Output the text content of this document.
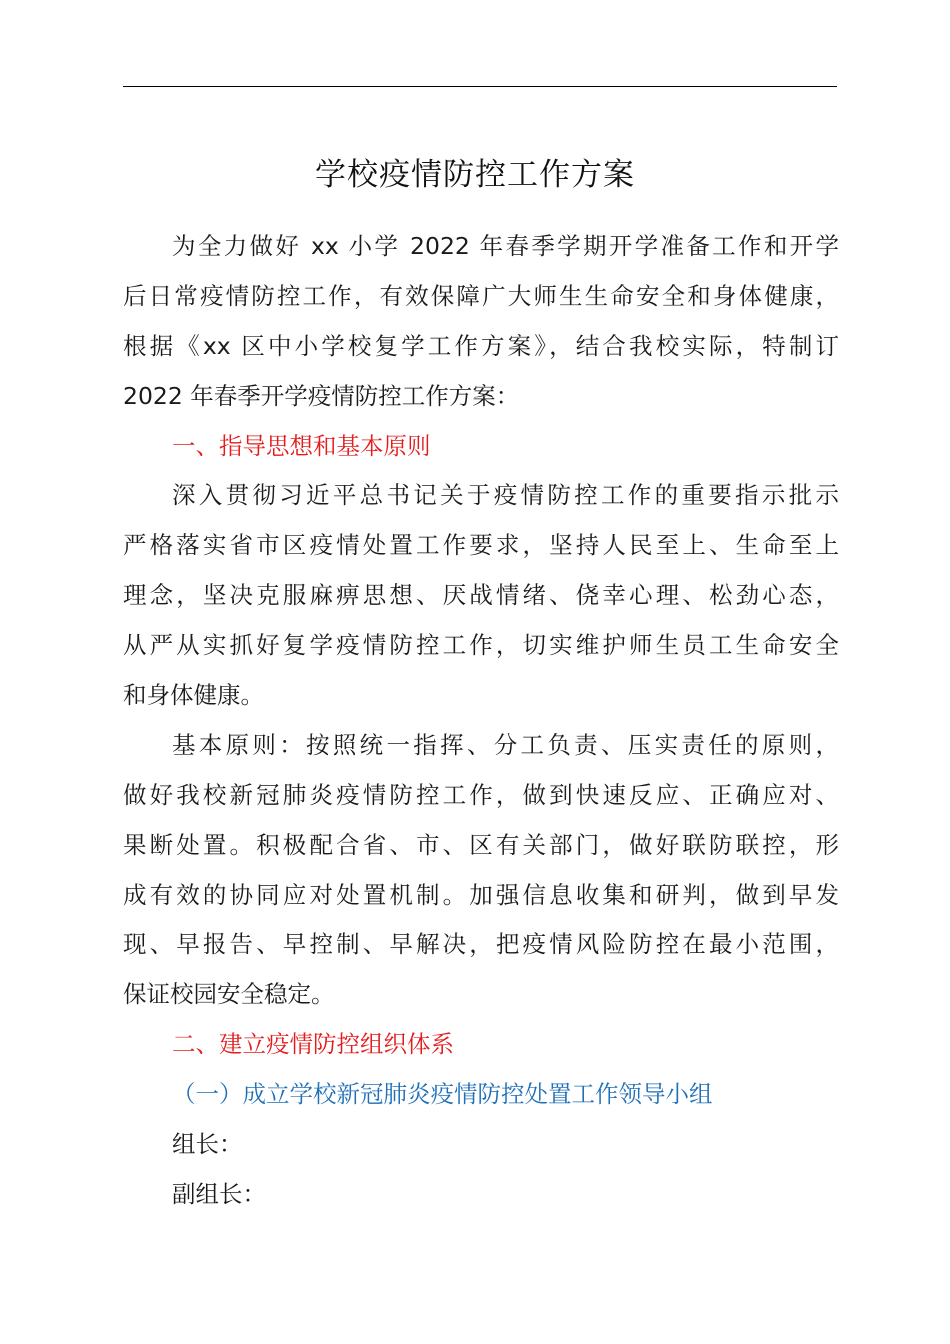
学校疫情防控工作方案
为全力做好 xx 小学 2022 年春季学期开学准备工作和开学
后日常疫情防控工作，有效保障广大师生生命安全和身体健康，
根据《xx 区中小学校复学工作方案》，结合我校实际，特制订
2022 年春季开学疫情防控工作方案：
一、指导思想和基本原则
深入贯彻习近平总书记关于疫情防控工作的重要指示批示
严格落实省市区疫情处置工作要求，坚持人民至上、生命至上
理念，坚决克服麻痹思想、厌战情绪、侥幸心理、松劲心态，
从严从实抓好复学疫情防控工作，切实维护师生员工生命安全
和身体健康。
基本原则：按照统一指挥、分工负责、压实责任的原则，
做好我校新冠肺炎疫情防控工作，做到快速反应、正确应对、
果断处置。积极配合省、市、区有关部门，做好联防联控，形
成有效的协同应对处置机制。加强信息收集和研判，做到早发
现、早报告、早控制、早解决，把疫情风险防控在最小范围，
保证校园安全稳定。
二、建立疫情防控组织体系
（一）成立学校新冠肺炎疫情防控处置工作领导小组
组长：
副组长：
